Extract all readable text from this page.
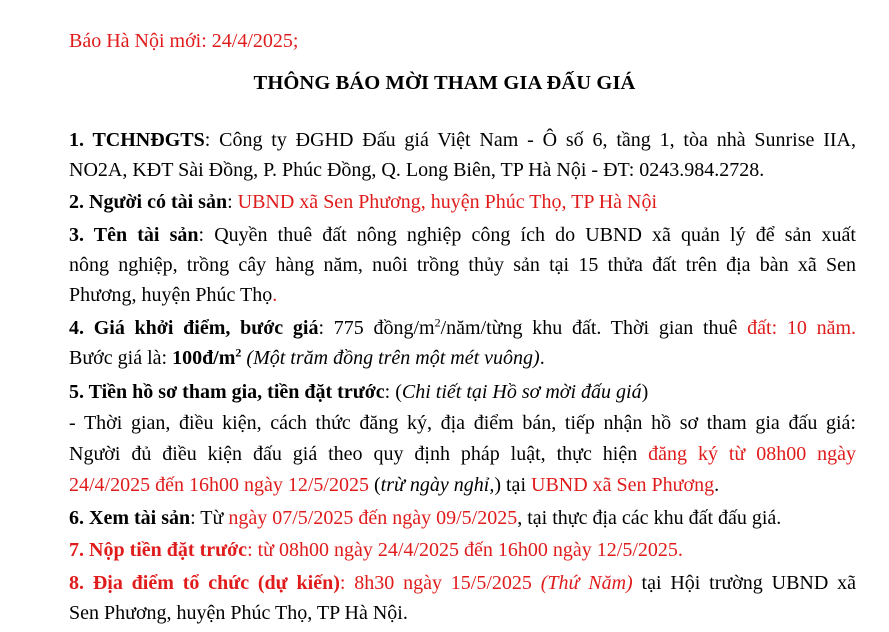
Báo Hà Nội mới: 24/4/2025;
THÔNG BÁO MỜI THAM GIA ĐẤU GIÁ
1. TCHNĐGTS: Công ty ĐGHD Đấu giá Việt Nam - Ô số 6, tầng 1, tòa nhà Sunrise IIA,
NO2A, KĐT Sài Đồng, P. Phúc Đồng, Q. Long Biên, TP Hà Nội - ĐT: 0243.984.2728.
2. Người có tài sản: UBND xã Sen Phương, huyện Phúc Thọ, TP Hà Nội
3. Tên tài sản: Quyền thuê đất nông nghiệp công ích do UBND xã quản lý để sản xuất
nông nghiệp, trồng cây hàng năm, nuôi trồng thủy sản tại 15 thửa đất trên địa bàn xã Sen
Phương, huyện Phúc Thọ.
4. Giá khởi điểm, bước giá: 775 đồng/$m^2/năm$/từng khu đất. Thời gian thuê đất: 10 năm.
Bước giá là: $100đ/m^2$ (Một trăm đồng trên một mét vuông).
5. Tiền hồ sơ tham gia, tiền đặt trước: (Chi tiết tại Hồ sơ mời đấu giá)
- Thời gian, điều kiện, cách thức đăng ký, địa điểm bán, tiếp nhận hồ sơ tham gia đấu giá:
Người đủ điều kiện đấu giá theo quy định pháp luật, thực hiện đăng ký từ 08h00 ngày
24/4/2025 đến 16h00 ngày 12/5/2025 (trừ ngày nghỉ,) tại UBND xã Sen Phương.
6. Xem tài sản: Từ ngày 07/5/2025 đến ngày 09/5/2025, tại thực địa các khu đất đấu giá.
7. Nộp tiền đặt trước: từ 08h00 ngày 24/4/2025 đến 16h00 ngày 12/5/2025.
8. Địa điểm tổ chức (dự kiến): 8h30 ngày 15/5/2025 (Thứ Năm) tại Hội trường UBND xã
Sen Phương, huyện Phúc Thọ, TP Hà Nội.
